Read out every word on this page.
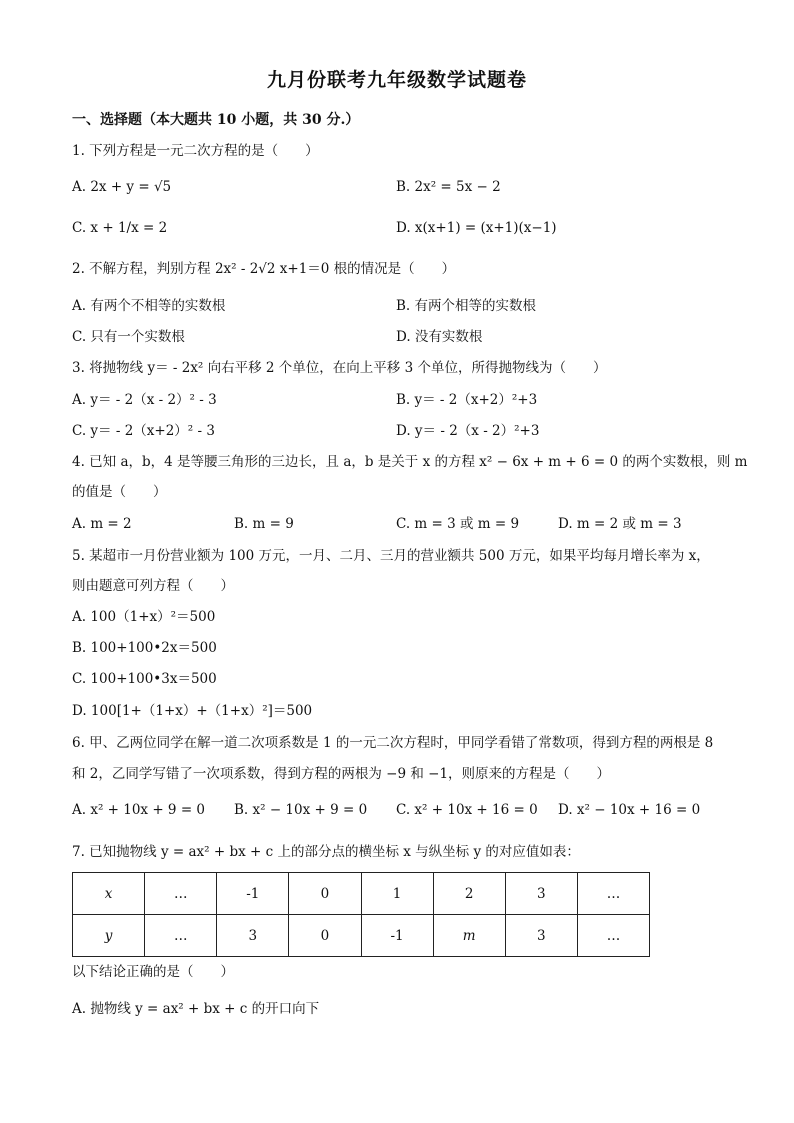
九月份联考九年级数学试题卷
一、选择题（本大题共 10 小题，共 30 分.）
1. 下列方程是一元二次方程的是（　　）
A. 2x + y = √5	B. 2x² = 5x − 2
C. x + 1/x = 2	D. x(x+1) = (x+1)(x−1)
2. 不解方程，判别方程 2x² - 2√2 x+1＝0 根的情况是（　　）
A. 有两个不相等的实数根	B. 有两个相等的实数根
C. 只有一个实数根	D. 没有实数根
3. 将抛物线 y＝ - 2x² 向右平移 2 个单位，在向上平移 3 个单位，所得抛物线为（　　）
A. y＝ - 2（x - 2）² - 3	B. y＝ - 2（x+2）²+3
C. y＝ - 2（x+2）² - 3	D. y＝ - 2（x - 2）²+3
4. 已知 a，b，4 是等腰三角形的三边长，且 a，b 是关于 x 的方程 x² − 6x + m + 6 = 0 的两个实数根，则 m
的值是（　　）
A. m = 2	B. m = 9	C. m = 3 或 m = 9	D. m = 2 或 m = 3
5. 某超市一月份营业额为 100 万元，一月、二月、三月的营业额共 500 万元，如果平均每月增长率为 x，
则由题意可列方程（　　）
A. 100（1+x）²＝500
B. 100+100•2x＝500
C. 100+100•3x＝500
D. 100[1+（1+x）+（1+x）²]＝500
6. 甲、乙两位同学在解一道二次项系数是 1 的一元二次方程时，甲同学看错了常数项，得到方程的两根是 8
和 2，乙同学写错了一次项系数，得到方程的两根为 −9 和 −1，则原来的方程是（　　）
A. x² + 10x + 9 = 0 B. x² − 10x + 9 = 0 C. x² + 10x + 16 = 0 D. x² − 10x + 16 = 0
7. 已知抛物线 y = ax² + bx + c 上的部分点的横坐标 x 与纵坐标 y 的对应值如表：
x	…	-1	0	1	2	3	…
y	…	3	0	-1	m	3	…
以下结论正确的是（　　）
A. 抛物线 y = ax² + bx + c 的开口向下
